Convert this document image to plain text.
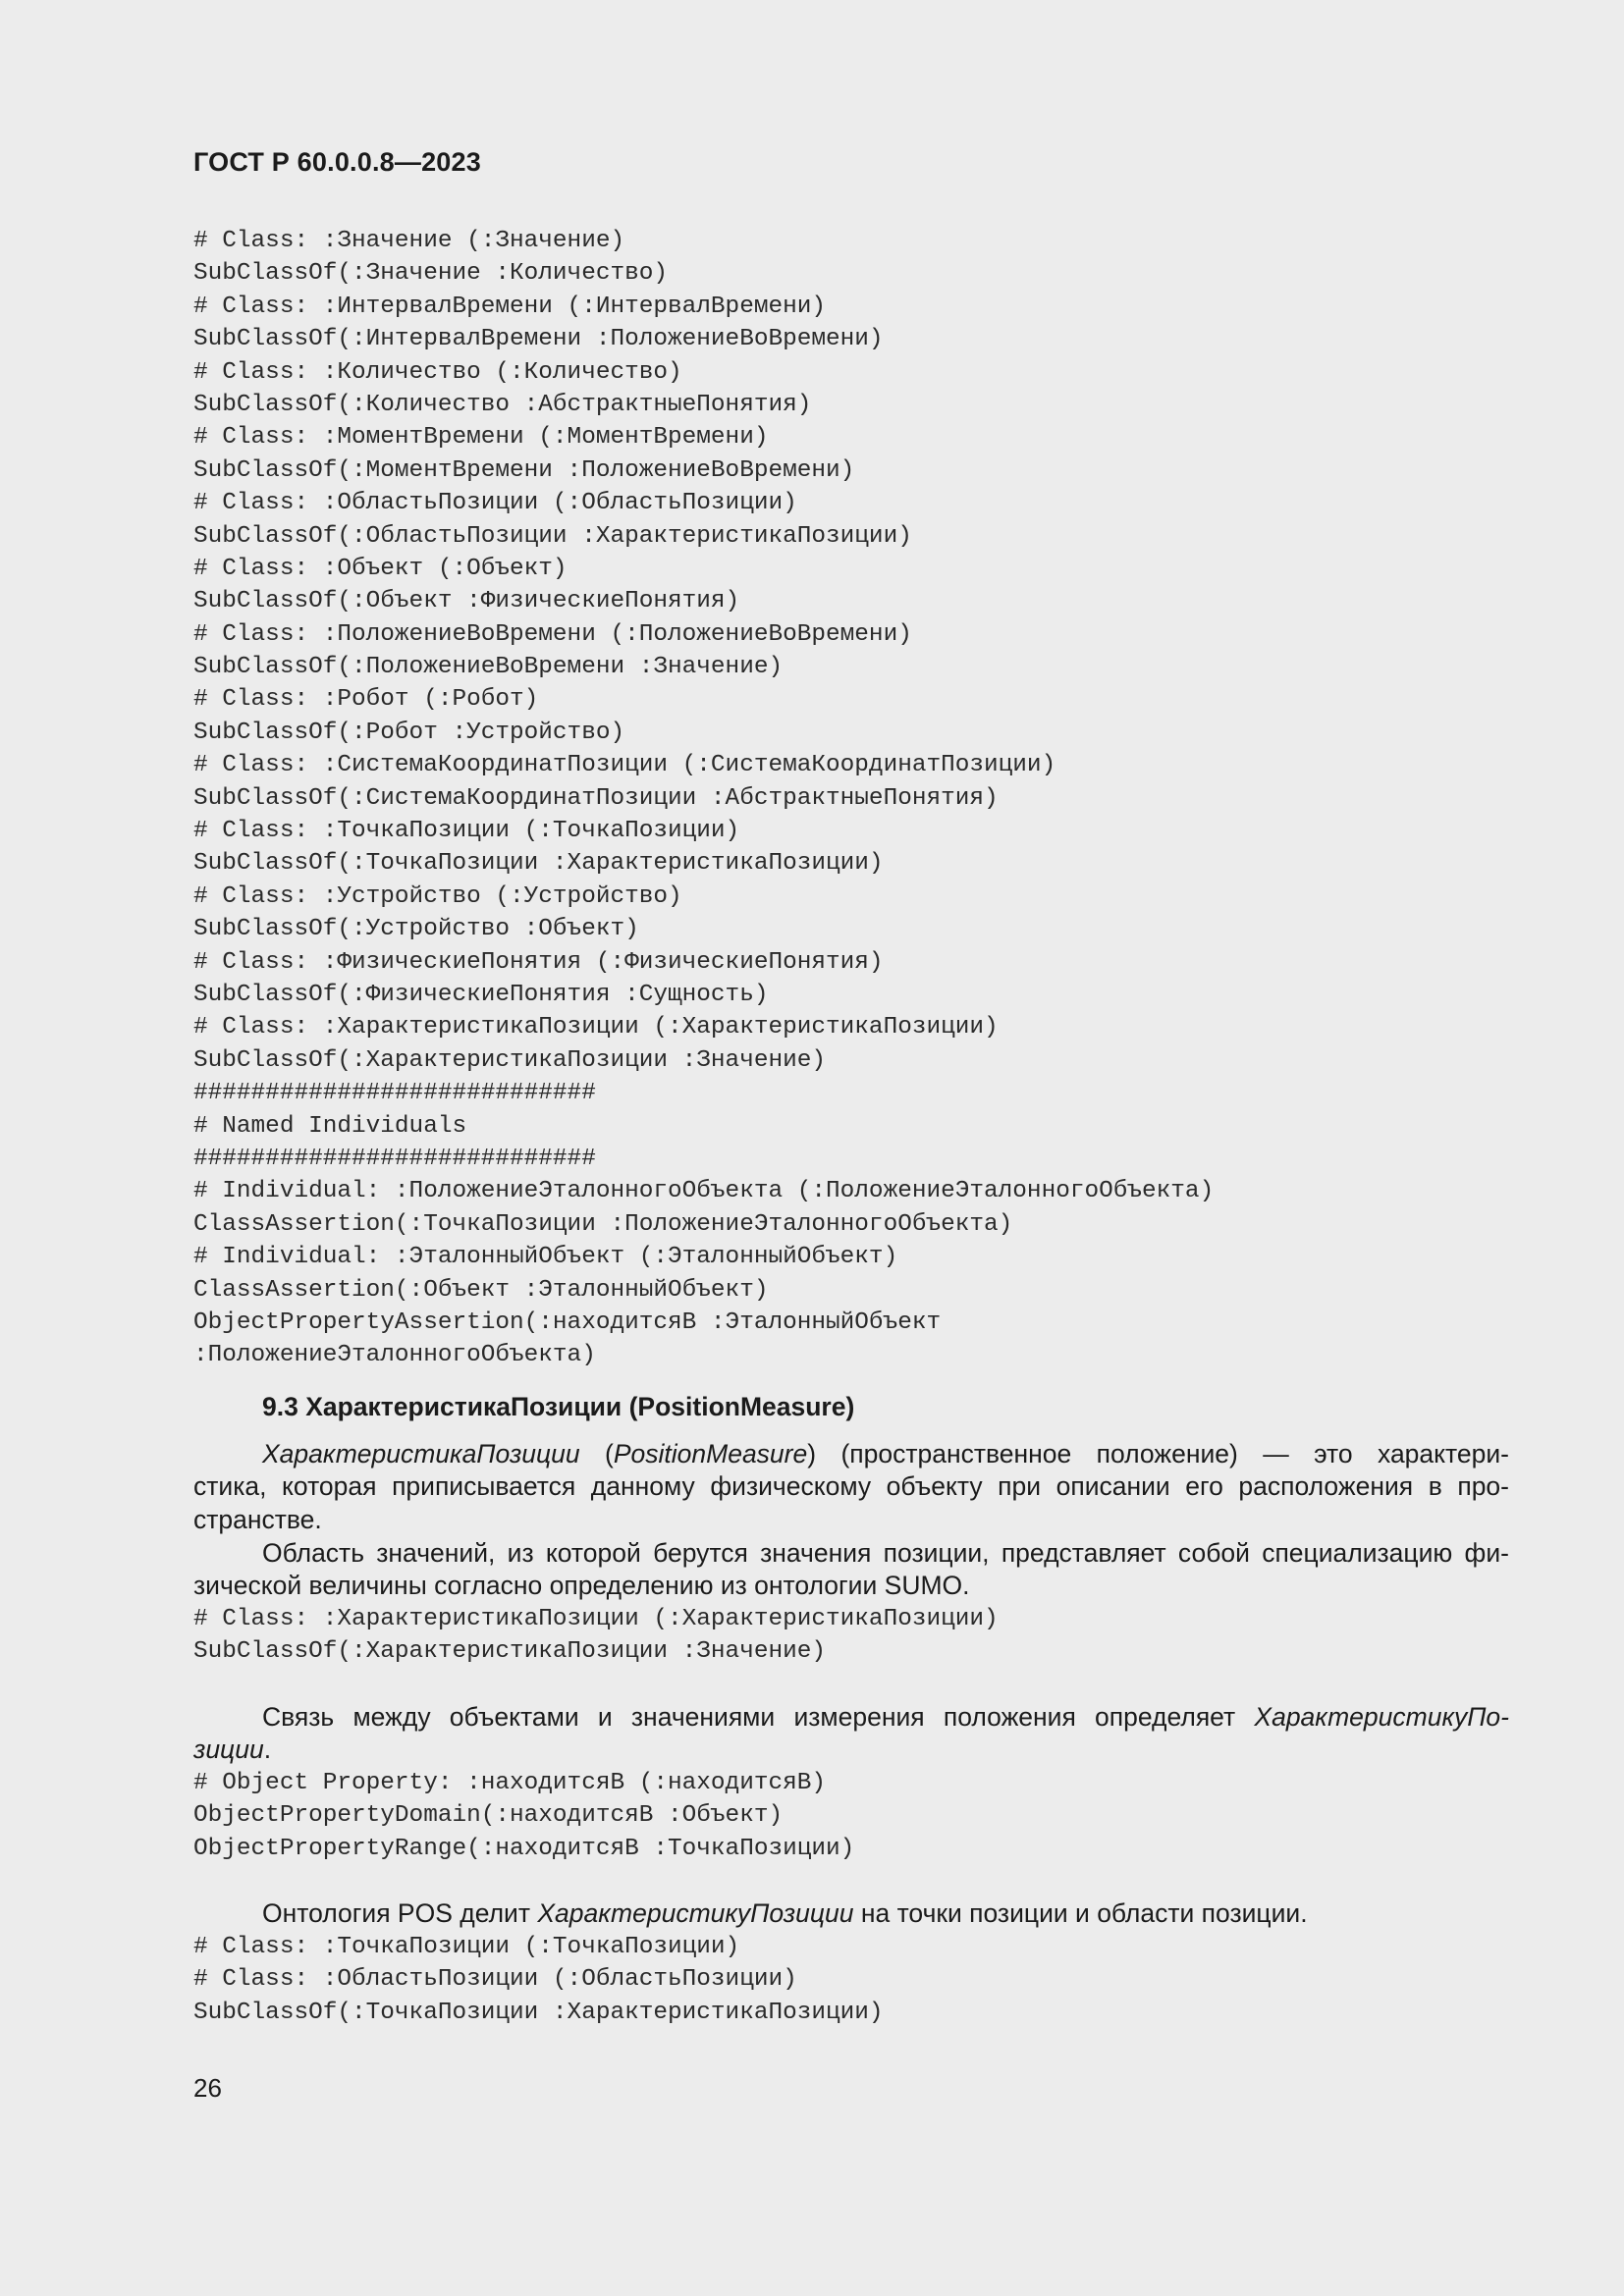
ГОСТ Р 60.0.0.8—2023
# Class: :Значение (:Значение)
SubClassOf(:Значение :Количество)
# Class: :ИнтервалВремени (:ИнтервалВремени)
SubClassOf(:ИнтервалВремени :ПоложениеВоВремени)
# Class: :Количество (:Количество)
SubClassOf(:Количество :АбстрактныеПонятия)
# Class: :МоментВремени (:МоментВремени)
SubClassOf(:МоментВремени :ПоложениеВоВремени)
# Class: :ОбластьПозиции (:ОбластьПозиции)
SubClassOf(:ОбластьПозиции :ХарактеристикаПозиции)
# Class: :Объект (:Объект)
SubClassOf(:Объект :ФизическиеПонятия)
# Class: :ПоложениеВоВремени (:ПоложениеВоВремени)
SubClassOf(:ПоложениеВоВремени :Значение)
# Class: :Робот (:Робот)
SubClassOf(:Робот :Устройство)
# Class: :СистемаКоординатПозиции (:СистемаКоординатПозиции)
SubClassOf(:СистемаКоординатПозиции :АбстрактныеПонятия)
# Class: :ТочкаПозиции (:ТочкаПозиции)
SubClassOf(:ТочкаПозиции :ХарактеристикаПозиции)
# Class: :Устройство (:Устройство)
SubClassOf(:Устройство :Объект)
# Class: :ФизическиеПонятия (:ФизическиеПонятия)
SubClassOf(:ФизическиеПонятия :Сущность)
# Class: :ХарактеристикаПозиции (:ХарактеристикаПозиции)
SubClassOf(:ХарактеристикаПозиции :Значение)
############################
# Named Individuals
############################
# Individual: :ПоложениеЭталонногоОбъекта (:ПоложениеЭталонногоОбъекта)
ClassAssertion(:ТочкаПозиции :ПоложениеЭталонногоОбъекта)
# Individual: :ЭталонныйОбъект (:ЭталонныйОбъект)
ClassAssertion(:Объект :ЭталонныйОбъект)
ObjectPropertyAssertion(:находитсяВ :ЭталонныйОбъект
:ПоложениеЭталонногоОбъекта)
9.3 ХарактеристикаПозиции (PositionMeasure)
ХарактеристикаПозиции (PositionMeasure) (пространственное положение) — это характери-
стика, которая приписывается данному физическому объекту при описании его расположения в про-
странстве.
Область значений, из которой берутся значения позиции, представляет собой специализацию фи-
зической величины согласно определению из онтологии SUMO.
# Class: :ХарактеристикаПозиции (:ХарактеристикаПозиции)
SubClassOf(:ХарактеристикаПозиции :Значение)
Связь между объектами и значениями измерения положения определяет ХарактеристикуПо-
зиции.
# Object Property: :находитсяВ (:находитсяВ)
ObjectPropertyDomain(:находитсяВ :Объект)
ObjectPropertyRange(:находитсяВ :ТочкаПозиции)
Онтология POS делит ХарактеристикуПозиции на точки позиции и области позиции.
# Class: :ТочкаПозиции (:ТочкаПозиции)
# Class: :ОбластьПозиции (:ОбластьПозиции)
SubClassOf(:ТочкаПозиции :ХарактеристикаПозиции)
26
